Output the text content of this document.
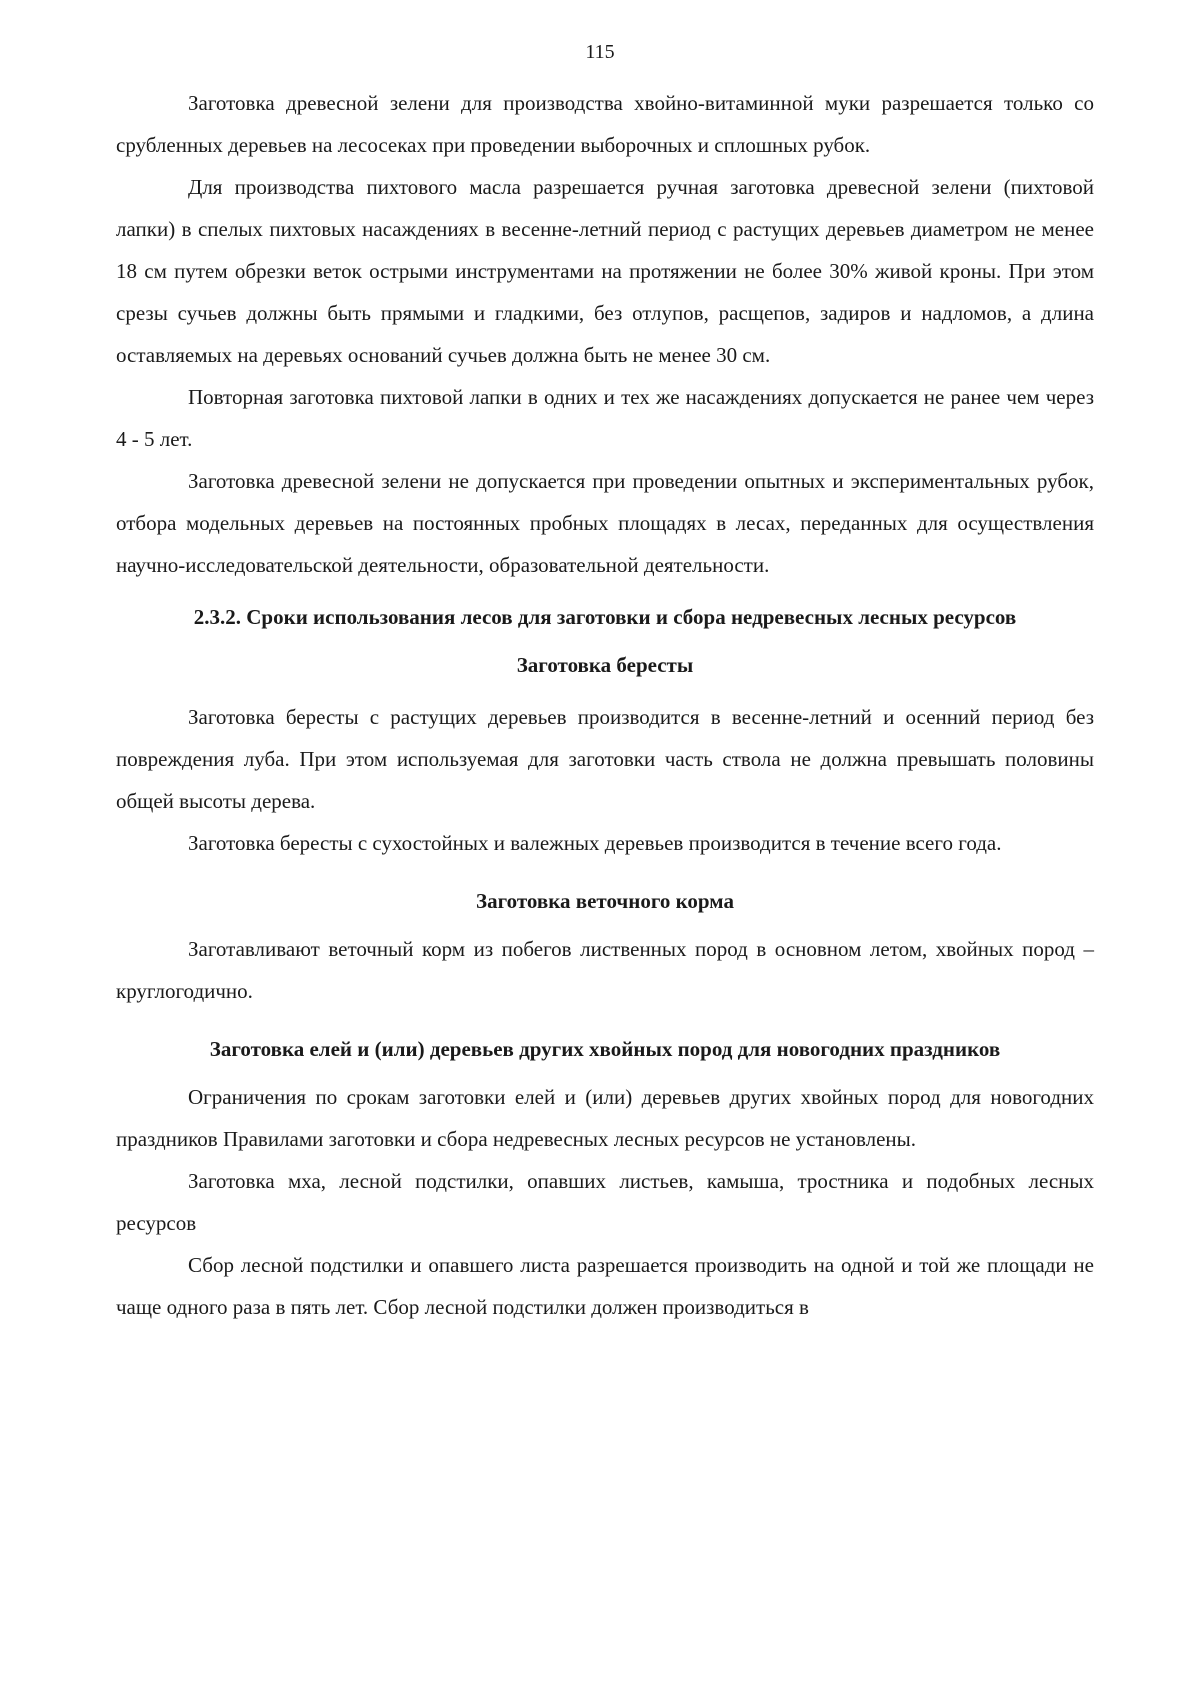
115

Заготовка древесной зелени для производства хвойно-витаминной муки разрешается только со срубленных деревьев на лесосеках при проведении выборочных и сплошных рубок.

Для производства пихтового масла разрешается ручная заготовка древесной зелени (пихтовой лапки) в спелых пихтовых насаждениях в весенне-летний период с растущих деревьев диаметром не менее 18 см путем обрезки веток острыми инструментами на протяжении не более 30% живой кроны. При этом срезы сучьев должны быть прямыми и гладкими, без отлупов, расщепов, задиров и надломов, а длина оставляемых на деревьях оснований сучьев должна быть не менее 30 см.

Повторная заготовка пихтовой лапки в одних и тех же насаждениях допускается не ранее чем через 4 - 5 лет.

Заготовка древесной зелени не допускается при проведении опытных и экспериментальных рубок, отбора модельных деревьев на постоянных пробных площадях в лесах, переданных для осуществления научно-исследовательской деятельности, образовательной деятельности.

2.3.2. Сроки использования лесов для заготовки и сбора недревесных лесных ресурсов
Заготовка бересты

Заготовка бересты с растущих деревьев производится в весенне-летний и осенний период без повреждения луба. При этом используемая для заготовки часть ствола не должна превышать половины общей высоты дерева.

Заготовка бересты с сухостойных и валежных деревьев производится в течение всего года.

Заготовка веточного корма

Заготавливают веточный корм из побегов лиственных пород в основном летом, хвойных пород – круглогодично.

Заготовка елей и (или) деревьев других хвойных пород для новогодних праздников

Ограничения по срокам заготовки елей и (или) деревьев других хвойных пород для новогодних праздников Правилами заготовки и сбора недревесных лесных ресурсов не установлены.

Заготовка мха, лесной подстилки, опавших листьев, камыша, тростника и подобных лесных ресурсов

Сбор лесной подстилки и опавшего листа разрешается производить на одной и той же площади не чаще одного раза в пять лет. Сбор лесной подстилки должен производиться в
